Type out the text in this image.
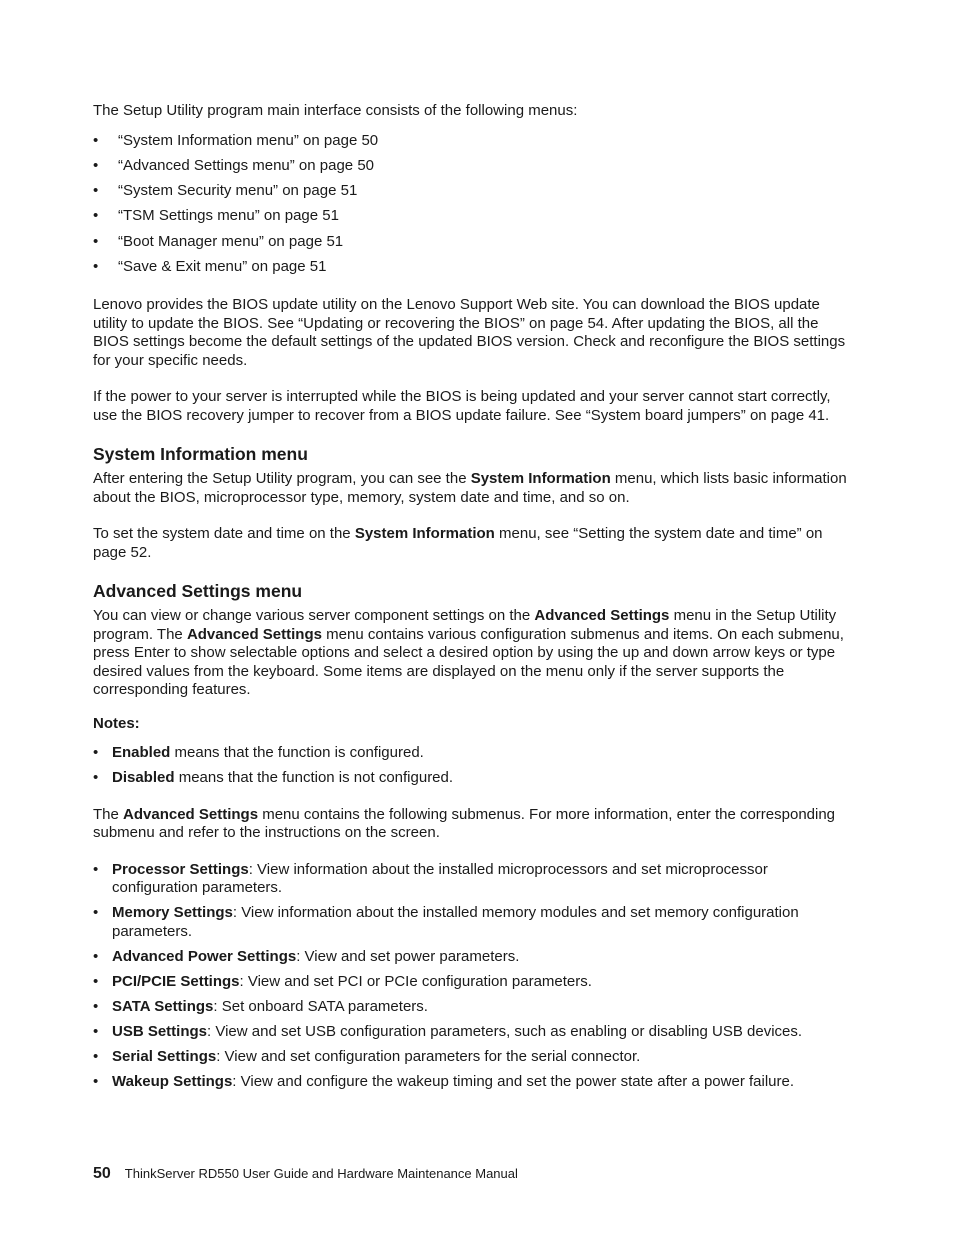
The Setup Utility program main interface consists of the following menus:

• “System Information menu” on page 50
• “Advanced Settings menu” on page 50
• “System Security menu” on page 51
• “TSM Settings menu” on page 51
• “Boot Manager menu” on page 51
• “Save & Exit menu” on page 51

Lenovo provides the BIOS update utility on the Lenovo Support Web site. You can download the BIOS update utility to update the BIOS. See “Updating or recovering the BIOS” on page 54. After updating the BIOS, all the BIOS settings become the default settings of the updated BIOS version. Check and reconfigure the BIOS settings for your specific needs.

If the power to your server is interrupted while the BIOS is being updated and your server cannot start correctly, use the BIOS recovery jumper to recover from a BIOS update failure. See “System board jumpers” on page 41.

System Information menu

After entering the Setup Utility program, you can see the System Information menu, which lists basic information about the BIOS, microprocessor type, memory, system date and time, and so on.

To set the system date and time on the System Information menu, see “Setting the system date and time” on page 52.

Advanced Settings menu

You can view or change various server component settings on the Advanced Settings menu in the Setup Utility program. The Advanced Settings menu contains various configuration submenus and items. On each submenu, press Enter to show selectable options and select a desired option by using the up and down arrow keys or type desired values from the keyboard. Some items are displayed on the menu only if the server supports the corresponding features.

Notes:

• Enabled means that the function is configured.
• Disabled means that the function is not configured.

The Advanced Settings menu contains the following submenus. For more information, enter the corresponding submenu and refer to the instructions on the screen.

• Processor Settings: View information about the installed microprocessors and set microprocessor configuration parameters.
• Memory Settings: View information about the installed memory modules and set memory configuration parameters.
• Advanced Power Settings: View and set power parameters.
• PCI/PCIE Settings: View and set PCI or PCIe configuration parameters.
• SATA Settings: Set onboard SATA parameters.
• USB Settings: View and set USB configuration parameters, such as enabling or disabling USB devices.
• Serial Settings: View and set configuration parameters for the serial connector.
• Wakeup Settings: View and configure the wakeup timing and set the power state after a power failure.
50 ThinkServer RD550 User Guide and Hardware Maintenance Manual
